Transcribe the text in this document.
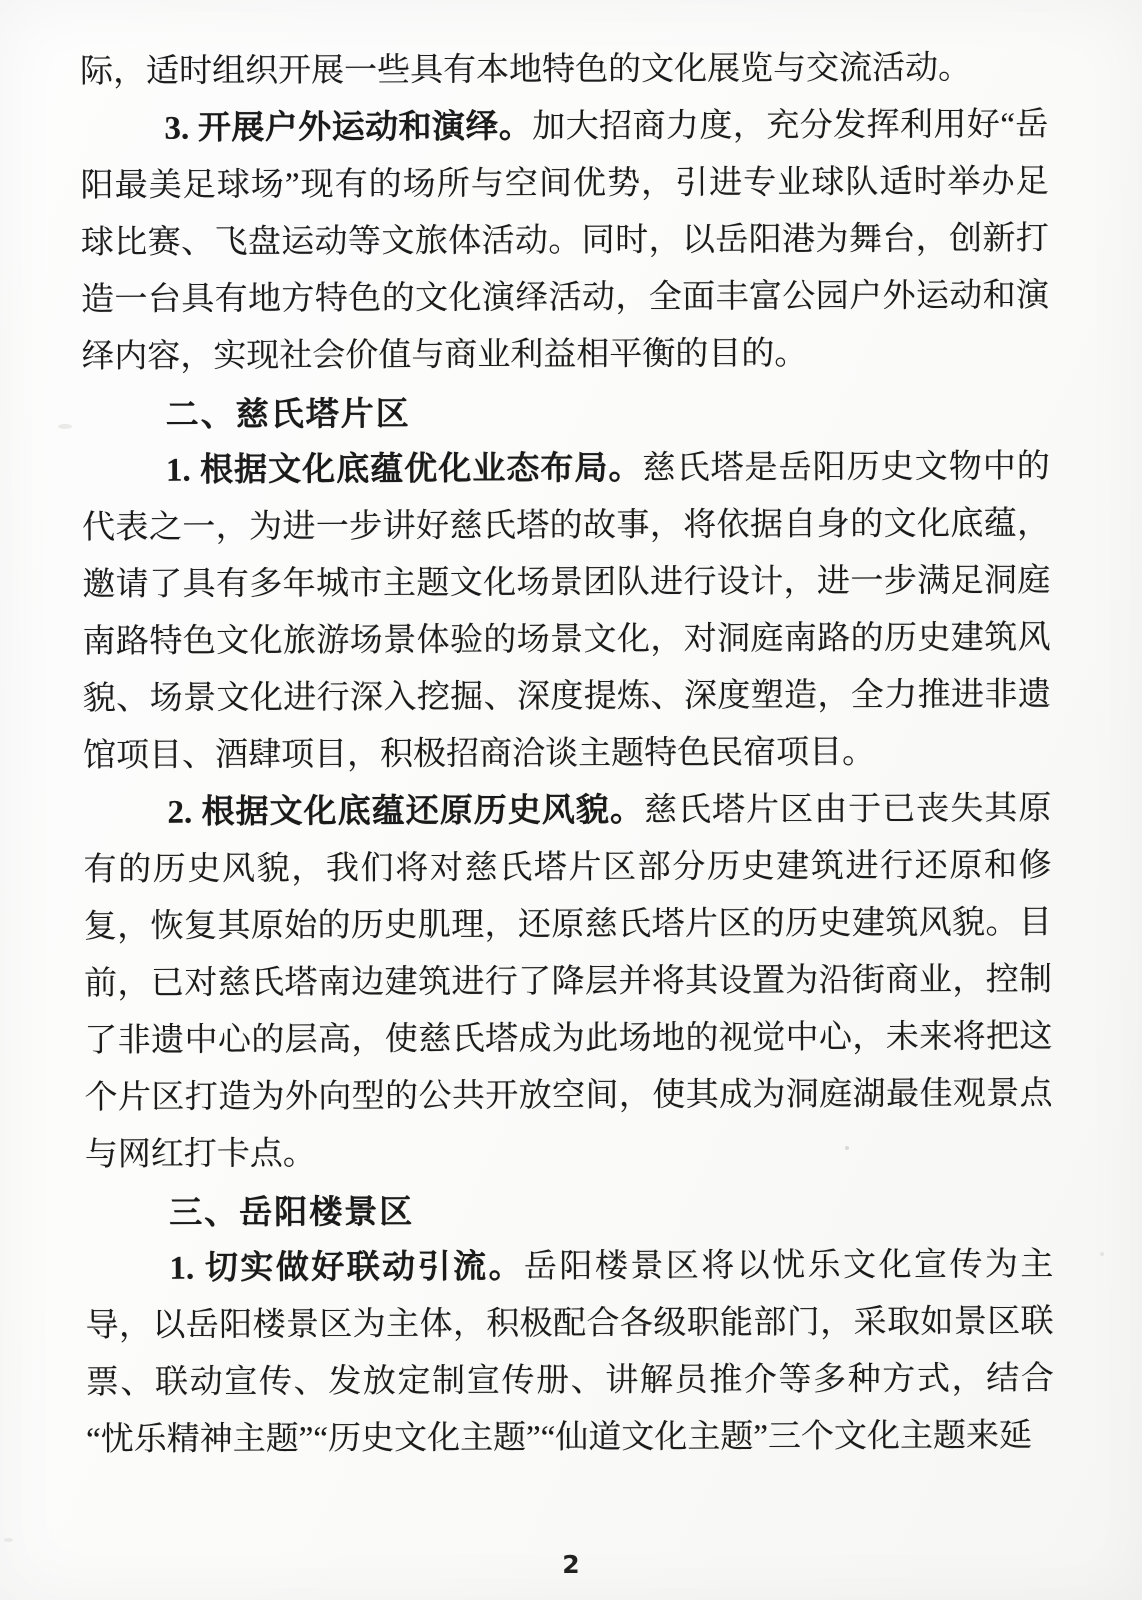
际，适时组织开展一些具有本地特色的文化展览与交流活动。

3. 开展户外运动和演绎。加大招商力度，充分发挥利用好“岳阳最美足球场”现有的场所与空间优势，引进专业球队适时举办足球比赛、飞盘运动等文旅体活动。同时，以岳阳港为舞台，创新打造一台具有地方特色的文化演绎活动，全面丰富公园户外运动和演绎内容，实现社会价值与商业利益相平衡的目的。

二、慈氏塔片区

1. 根据文化底蕴优化业态布局。慈氏塔是岳阳历史文物中的代表之一，为进一步讲好慈氏塔的故事，将依据自身的文化底蕴，邀请了具有多年城市主题文化场景团队进行设计，进一步满足洞庭南路特色文化旅游场景体验的场景文化，对洞庭南路的历史建筑风貌、场景文化进行深入挖掘、深度提炼、深度塑造，全力推进非遗馆项目、酒肆项目，积极招商洽谈主题特色民宿项目。

2. 根据文化底蕴还原历史风貌。慈氏塔片区由于已丧失其原有的历史风貌，我们将对慈氏塔片区部分历史建筑进行还原和修复，恢复其原始的历史肌理，还原慈氏塔片区的历史建筑风貌。目前，已对慈氏塔南边建筑进行了降层并将其设置为沿街商业，控制了非遗中心的层高，使慈氏塔成为此场地的视觉中心，未来将把这个片区打造为外向型的公共开放空间，使其成为洞庭湖最佳观景点与网红打卡点。

三、岳阳楼景区

1. 切实做好联动引流。岳阳楼景区将以忧乐文化宣传为主导，以岳阳楼景区为主体，积极配合各级职能部门，采取如景区联票、联动宣传、发放定制宣传册、讲解员推介等多种方式，结合“忧乐精神主题”“历史文化主题”“仙道文化主题”三个文化主题来延

2
